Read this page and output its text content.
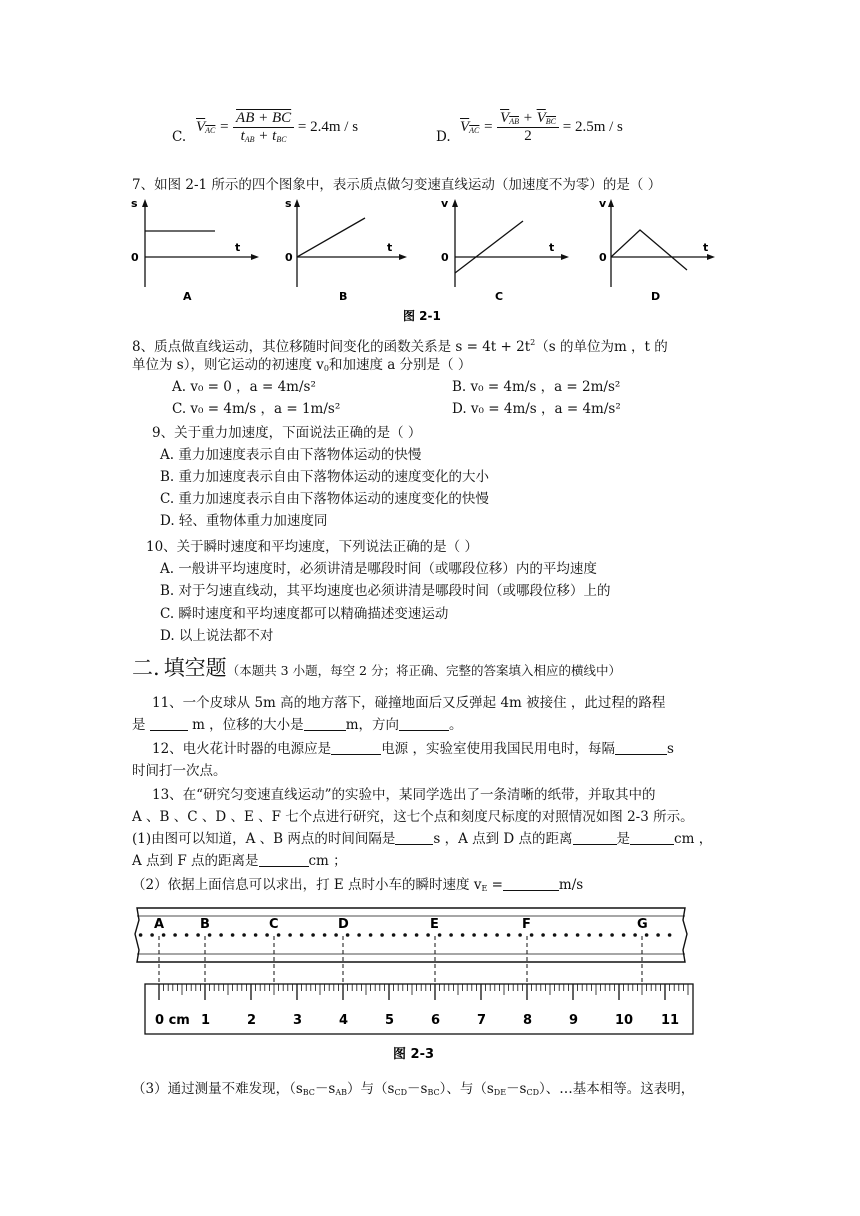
C.
$V_{AC} = \frac{AB + BC}{t_{AB} + t_{BC}} = 2.4m / s$
D.
$V_{AC} = \frac{V_{AB} + V_{BC}}{2} = 2.5m / s$
7、如图 2-1 所示的四个图象中，表示质点做匀变速直线运动（加速度不为零）的是（ ）
s
t
0
A
s
t
0
B
v
t
0
C
v
t
0
D
图 2-1
8、质点做直线运动，其位移随时间变化的函数关系是 $s = 4t + 2t^2(s$ 的单位为m ，t 的
单位为 s），则它运动的初速度 $v_0$和加速度 a 分别是（ ）
A. v₀ = 0 ，a = 4m/s²	B. v₀ = 4m/s ，a = 2m/s²
C. v₀ = 4m/s ，a = 1m/s²	D. v₀ = 4m/s ，a = 4m/s²
9、关于重力加速度，下面说法正确的是（ ）
A. 重力加速度表示自由下落物体运动的快慢
B. 重力加速度表示自由下落物体运动的速度变化的大小
C. 重力加速度表示自由下落物体运动的速度变化的快慢
D. 轻、重物体重力加速度同
10、关于瞬时速度和平均速度，下列说法正确的是（ ）
A. 一般讲平均速度时，必须讲清是哪段时间（或哪段位移）内的平均速度
B. 对于匀速直线动，其平均速度也必须讲清是哪段时间（或哪段位移）上的
C. 瞬时速度和平均速度都可以精确描述变速运动
D. 以上说法都不对
二. 填空题（本题共 3 小题，每空 2 分；将正确、完整的答案填入相应的横线中）
11、一个皮球从 5m 高的地方落下，碰撞地面后又反弹起 4m 被接住 ，此过程的路程
是	m ，位移的大小是	m，方向	。
12、电火花计时器的电源应是	电源 ，实验室使用我国民用电时，每隔	s
时间打一次点。
13、在“研究匀变速直线运动”的实验中，某同学选出了一条清晰的纸带，并取其中的
A 、B 、C 、D 、E 、F 七个点进行研究，这七个点和刻度尺标度的对照情况如图 2-3 所示。
(1)由图可以知道，A 、B 两点的时间间隔是	s ，A 点到 D 点的距离	是	cm ，
A 点到 F 点的距离是	cm ；
（2）依据上面信息可以求出，打 E 点时小车的瞬时速度 $v_E$ =	m/s
A	B	C	D	E	F	G
0 cm 1	2	3	4	5	6	7	8	9	10 11
图 2-3
（3）通过测量不难发现，$(s_{BC}-s_{AB})$与$(s_{CD}-s_{BC})$、与$(s_{DE}-s_{CD})$、…基本相等。这表明，
